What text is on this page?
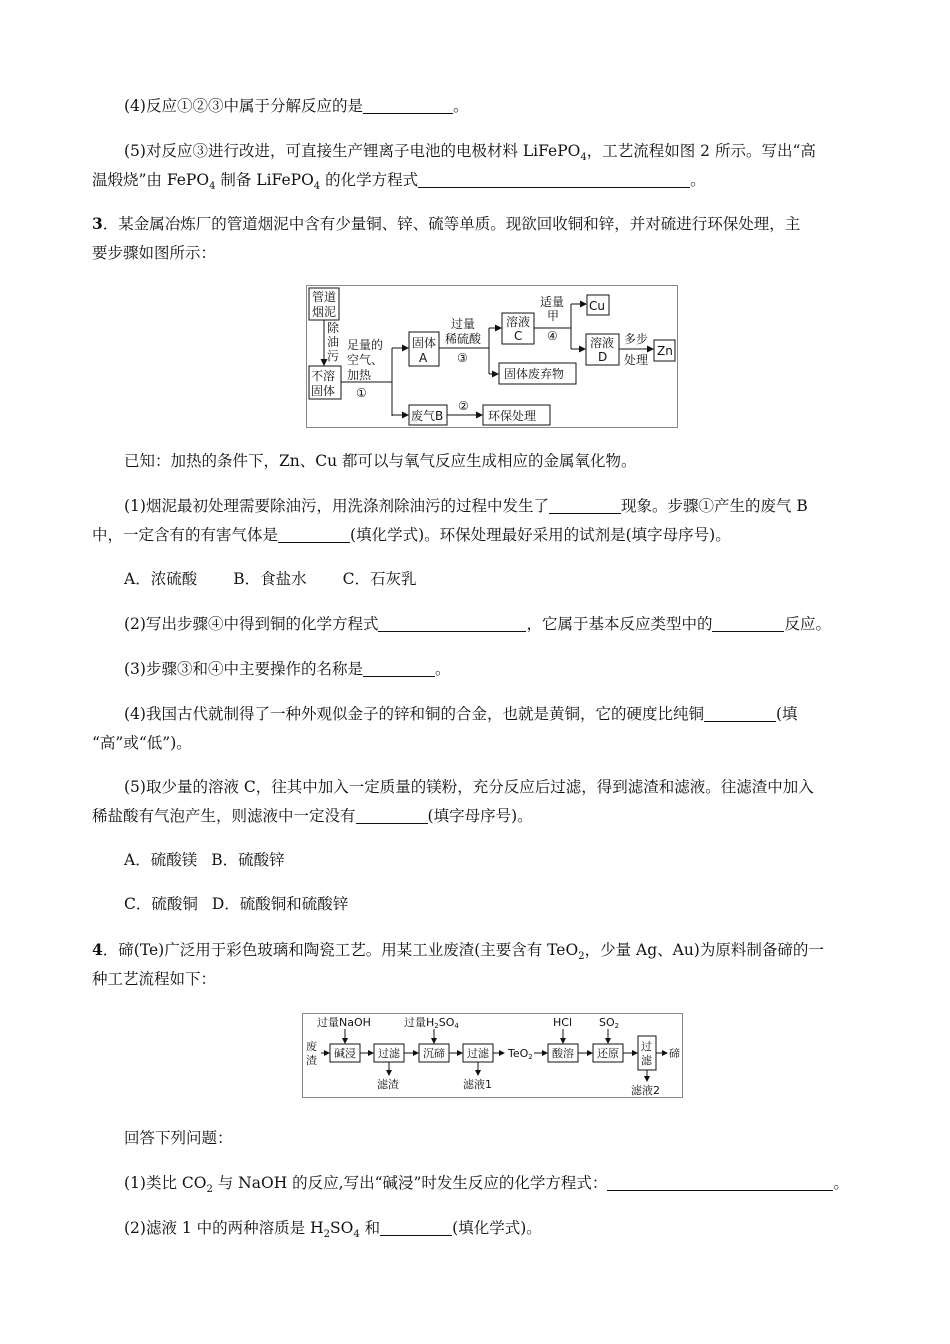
(4)反应①②③中属于分解反应的是	。
(5)对反应③进行改进，可直接生产锂离子电池的电极材料 LiFePO$_4$，工艺流程如图 2 所示。写出“高
温煅烧”由 FePO$_4$ 制备 LiFePO$_4$ 的化学方程式	。
3．某金属冶炼厂的管道烟泥中含有少量铜、锌、硫等单质。现欲回收铜和锌，并对硫进行环保处理，主
要步骤如图所示：
管道
烟泥
除
油
污
不溶
固体
足量的
空气、
加热
①
固体
A
过量
稀硫酸
③
溶液
C
适量
甲
④
Cu
溶液
D
多步
处理
Zn
固体废弃物
废气B
②
环保处理
已知：加热的条件下，Zn、Cu 都可以与氧气反应生成相应的金属氧化物。
(1)烟泥最初处理需要除油污，用洗涤剂除油污的过程中发生了	现象。步骤①产生的废气 B
中，一定含有的有害气体是	(填化学式)。环保处理最好采用的试剂是(填字母序号)。
A．浓硫酸 B．食盐水 C．石灰乳
(2)写出步骤④中得到铜的化学方程式	，它属于基本反应类型中的	反应。
(3)步骤③和④中主要操作的名称是	。
(4)我国古代就制得了一种外观似金子的锌和铜的合金，也就是黄铜，它的硬度比纯铜	(填
“高”或“低”)。
(5)取少量的溶液 C，往其中加入一定质量的镁粉，充分反应后过滤，得到滤渣和滤液。往滤渣中加入
稀盐酸有气泡产生，则滤液中一定没有	(填字母序号)。
A．硫酸镁 B．硫酸锌
C．硫酸铜 D．硫酸铜和硫酸锌
4．碲(Te)广泛用于彩色玻璃和陶瓷工艺。用某工业废渣(主要含有 TeO$_2$，少量 Ag、Au)为原料制备碲的一
种工艺流程如下：
过量NaOH	过量H2SO4	HCl SO2
废
渣
碱浸 过滤 沉碲 过滤 TeO2 酸溶 还原
过
滤
碲
滤渣	滤液1	滤液2
回答下列问题：
(1)类比 $CO_2$ 与 NaOH 的反应,写出“碱浸”时发生反应的化学方程式：	。
(2)滤液 1 中的两种溶质是 $H_2SO_4$ 和	(填化学式)。
